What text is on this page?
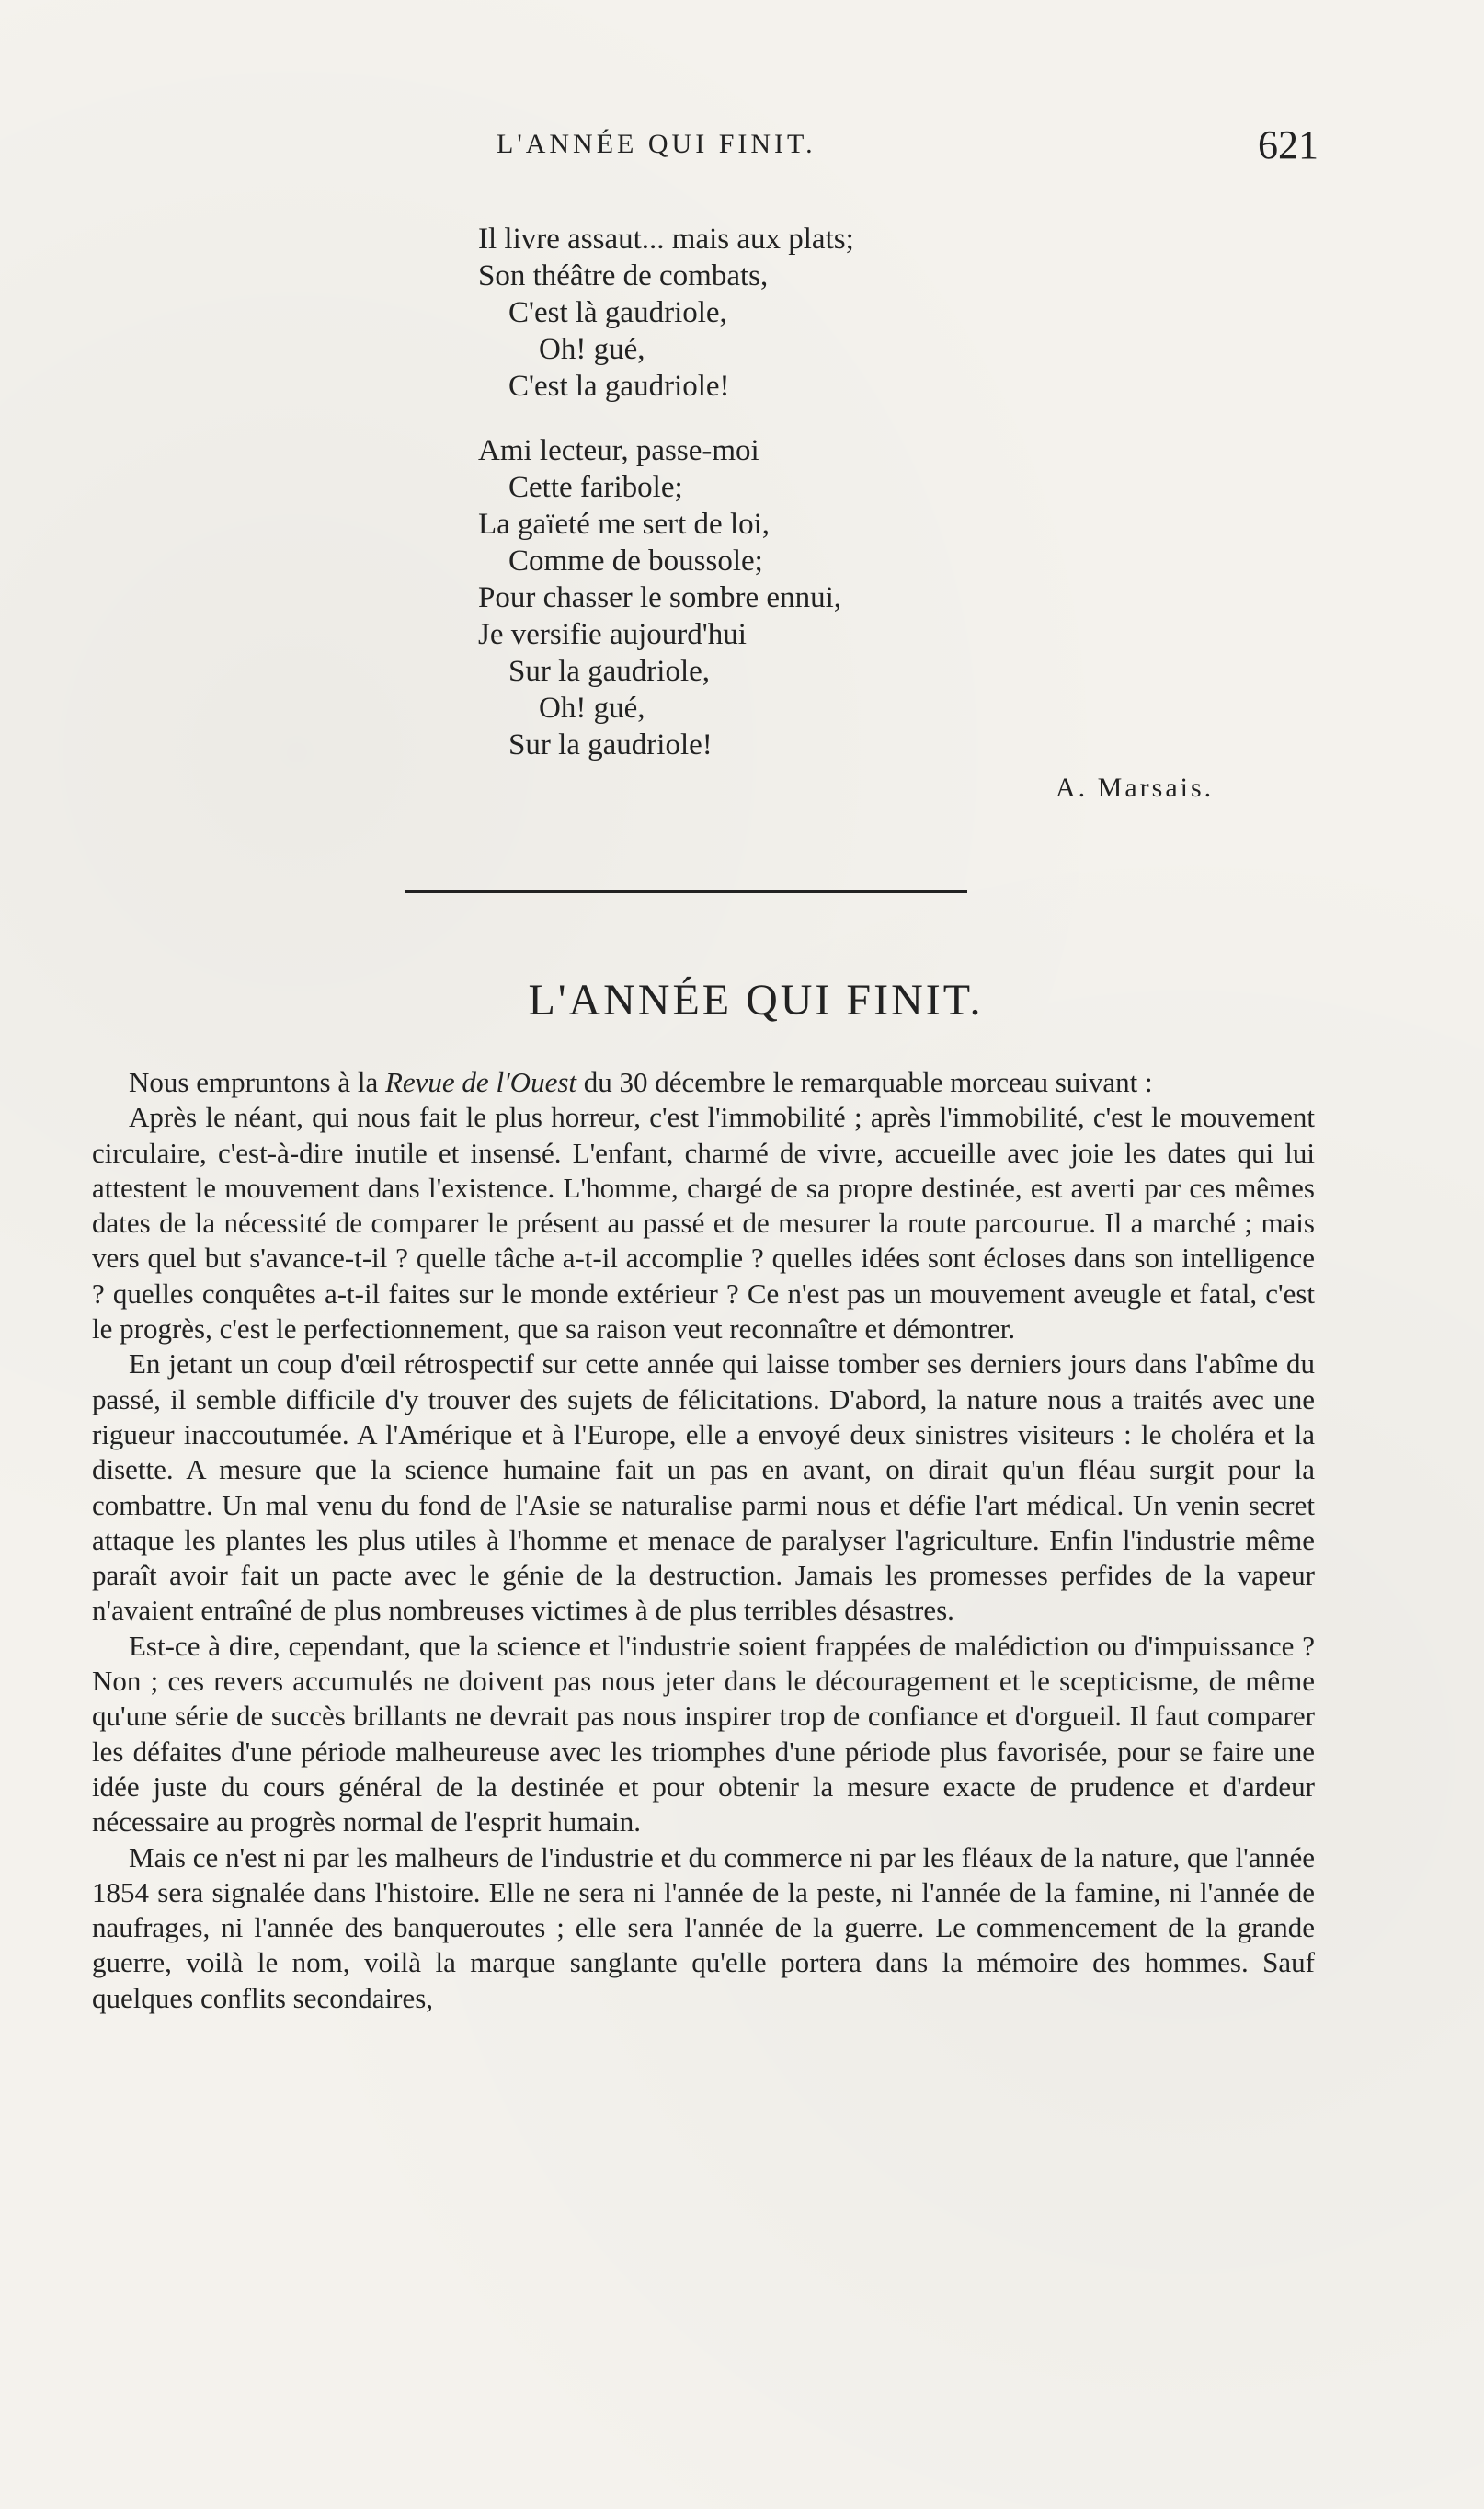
L'ANNÉE QUI FINIT.	621
Il livre assaut... mais aux plats;
Son théâtre de combats,
C'est là gaudriole,
Oh! gué,
C'est la gaudriole!
Ami lecteur, passe-moi
Cette faribole;
La gaïeté me sert de loi,
Comme de boussole;
Pour chasser le sombre ennui,
Je versifie aujourd'hui
Sur la gaudriole,
Oh! gué,
Sur la gaudriole!
A. Marsais.
L'ANNÉE QUI FINIT.

Nous empruntons à la Revue de l'Ouest du 30 décembre le remarquable morceau suivant :

Après le néant, qui nous fait le plus horreur, c'est l'immobilité ; après l'immobilité, c'est le mouvement circulaire, c'est-à-dire inutile et insensé. L'enfant, charmé de vivre, accueille avec joie les dates qui lui attestent le mouvement dans l'existence. L'homme, chargé de sa propre destinée, est averti par ces mêmes dates de la nécessité de comparer le présent au passé et de mesurer la route parcourue. Il a marché ; mais vers quel but s'avance-t-il ? quelle tâche a-t-il accomplie ? quelles idées sont écloses dans son intelligence ? quelles conquêtes a-t-il faites sur le monde extérieur ? Ce n'est pas un mouvement aveugle et fatal, c'est le progrès, c'est le perfectionnement, que sa raison veut reconnaître et démontrer.

En jetant un coup d'œil rétrospectif sur cette année qui laisse tomber ses derniers jours dans l'abîme du passé, il semble difficile d'y trouver des sujets de félicitations. D'abord, la nature nous a traités avec une rigueur inaccoutumée. A l'Amérique et à l'Europe, elle a envoyé deux sinistres visiteurs : le choléra et la disette. A mesure que la science humaine fait un pas en avant, on dirait qu'un fléau surgit pour la combattre. Un mal venu du fond de l'Asie se naturalise parmi nous et défie l'art médical. Un venin secret attaque les plantes les plus utiles à l'homme et menace de paralyser l'agriculture. Enfin l'industrie même paraît avoir fait un pacte avec le génie de la destruction. Jamais les promesses perfides de la vapeur n'avaient entraîné de plus nombreuses victimes à de plus terribles désastres.

Est-ce à dire, cependant, que la science et l'industrie soient frappées de malédiction ou d'impuissance ? Non ; ces revers accumulés ne doivent pas nous jeter dans le découragement et le scepticisme, de même qu'une série de succès brillants ne devrait pas nous inspirer trop de confiance et d'orgueil. Il faut comparer les défaites d'une période malheureuse avec les triomphes d'une période plus favorisée, pour se faire une idée juste du cours général de la destinée et pour obtenir la mesure exacte de prudence et d'ardeur nécessaire au progrès normal de l'esprit humain.

Mais ce n'est ni par les malheurs de l'industrie et du commerce ni par les fléaux de la nature, que l'année 1854 sera signalée dans l'histoire. Elle ne sera ni l'année de la peste, ni l'année de la famine, ni l'année de naufrages, ni l'année des banqueroutes ; elle sera l'année de la guerre. Le commencement de la grande guerre, voilà le nom, voilà la marque sanglante qu'elle portera dans la mémoire des hommes. Sauf quelques conflits secondaires,
